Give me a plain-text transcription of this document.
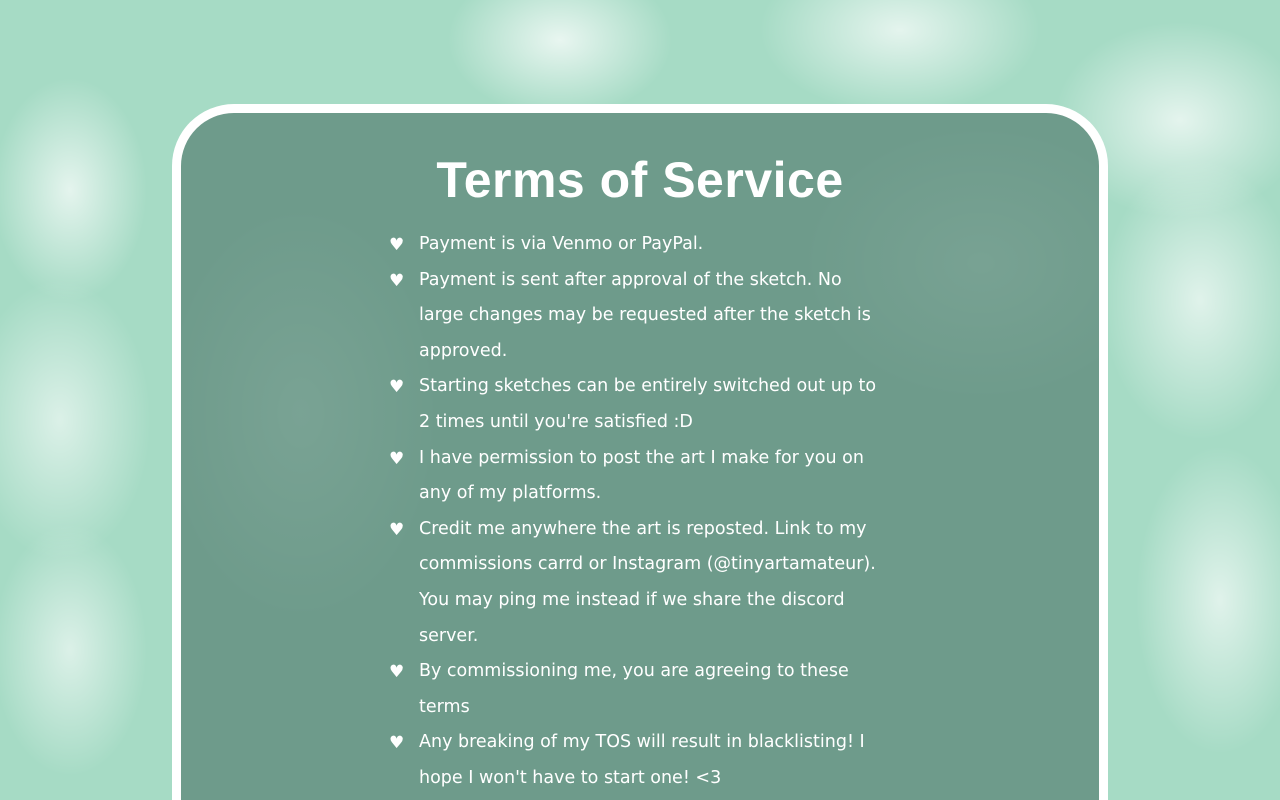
Terms of Service
♥ Payment is via Venmo or PayPal.
♥ Payment is sent after approval of the sketch. No large changes may be requested after the sketch is approved.
♥ Starting sketches can be entirely switched out up to 2 times until you're satisfied :D
♥ I have permission to post the art I make for you on any of my platforms.
♥ Credit me anywhere the art is reposted. Link to my commissions carrd or Instagram (@tinyartamateur). You may ping me instead if we share the discord server.
♥ By commissioning me, you are agreeing to these terms
♥ Any breaking of my TOS will result in blacklisting! I hope I won't have to start one! <3
